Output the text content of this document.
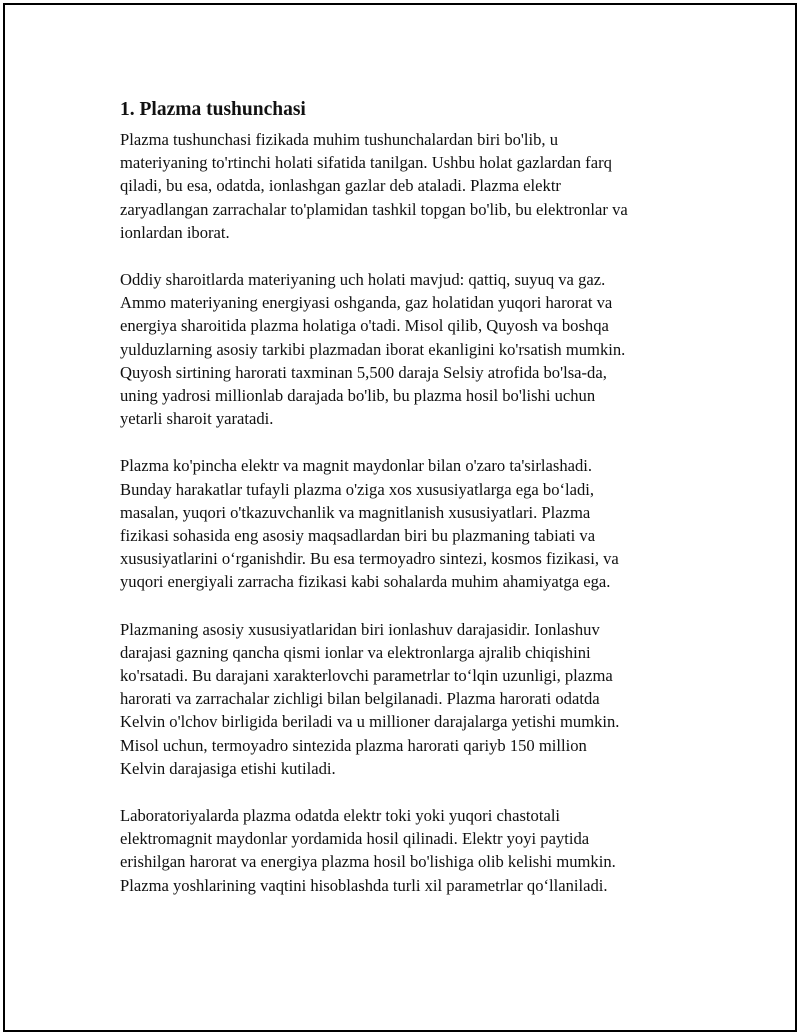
1. Plazma tushunchasi

Plazma tushunchasi fizikada muhim tushunchalardan biri bo'lib, u
materiyaning to'rtinchi holati sifatida tanilgan. Ushbu holat gazlardan farq
qiladi, bu esa, odatda, ionlashgan gazlar deb ataladi. Plazma elektr
zaryadlangan zarrachalar to'plamidan tashkil topgan bo'lib, bu elektronlar va
ionlardan iborat.

Oddiy sharoitlarda materiyaning uch holati mavjud: qattiq, suyuq va gaz.
Ammo materiyaning energiyasi oshganda, gaz holatidan yuqori harorat va
energiya sharoitida plazma holatiga o'tadi. Misol qilib, Quyosh va boshqa
yulduzlarning asosiy tarkibi plazmadan iborat ekanligini ko'rsatish mumkin.
Quyosh sirtining harorati taxminan 5,500 daraja Selsiy atrofida bo'lsa-da,
uning yadrosi millionlab darajada bo'lib, bu plazma hosil bo'lishi uchun
yetarli sharoit yaratadi.

Plazma ko'pincha elektr va magnit maydonlar bilan o'zaro ta'sirlashadi.
Bunday harakatlar tufayli plazma o'ziga xos xususiyatlarga ega bo‘ladi,
masalan, yuqori o'tkazuvchanlik va magnitlanish xususiyatlari. Plazma
fizikasi sohasida eng asosiy maqsadlardan biri bu plazmaning tabiati va
xususiyatlarini o‘rganishdir. Bu esa termoyadro sintezi, kosmos fizikasi, va
yuqori energiyali zarracha fizikasi kabi sohalarda muhim ahamiyatga ega.

Plazmaning asosiy xususiyatlaridan biri ionlashuv darajasidir. Ionlashuv
darajasi gazning qancha qismi ionlar va elektronlarga ajralib chiqishini
ko'rsatadi. Bu darajani xarakterlovchi parametrlar to‘lqin uzunligi, plazma
harorati va zarrachalar zichligi bilan belgilanadi. Plazma harorati odatda
Kelvin o'lchov birligida beriladi va u millioner darajalarga yetishi mumkin.
Misol uchun, termoyadro sintezida plazma harorati qariyb 150 million
Kelvin darajasiga etishi kutiladi.

Laboratoriyalarda plazma odatda elektr toki yoki yuqori chastotali
elektromagnit maydonlar yordamida hosil qilinadi. Elektr yoyi paytida
erishilgan harorat va energiya plazma hosil bo'lishiga olib kelishi mumkin.
Plazma yoshlarining vaqtini hisoblashda turli xil parametrlar qo‘llaniladi.
